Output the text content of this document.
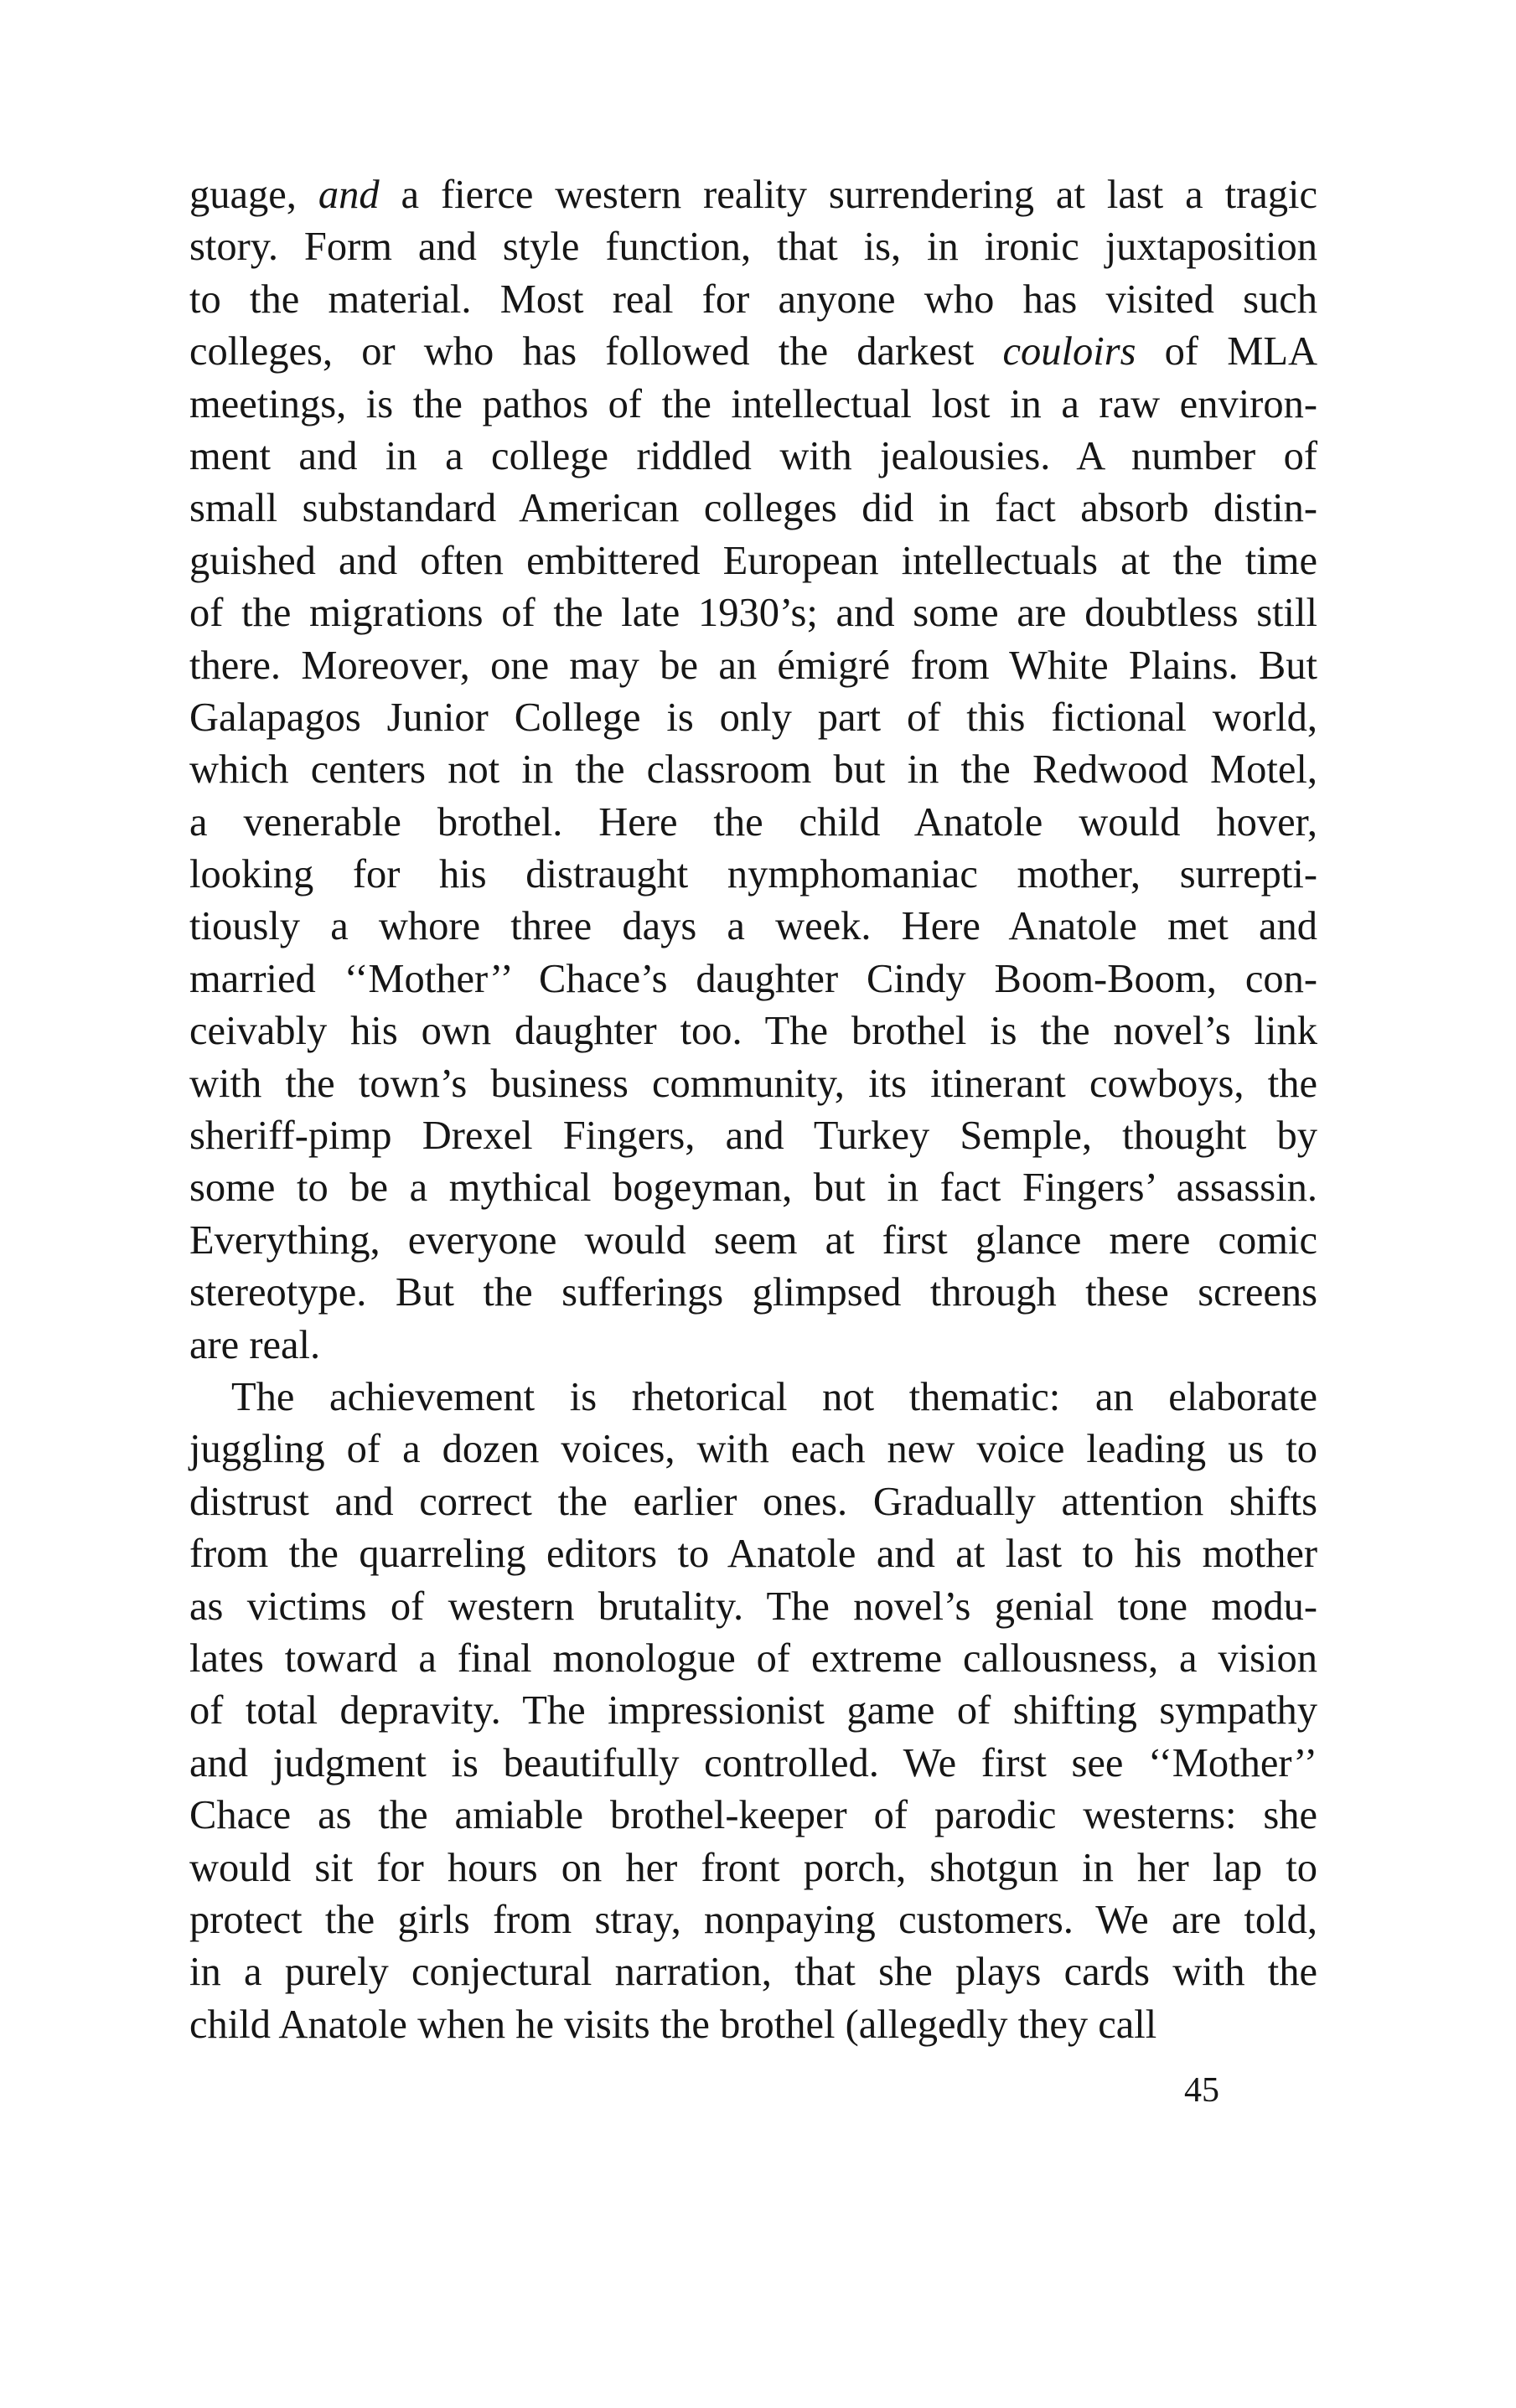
guage, and a fierce western reality surrendering at last a tragic
story. Form and style function, that is, in ironic juxtaposition
to the material. Most real for anyone who has visited such
colleges, or who has followed the darkest couloirs of MLA
meetings, is the pathos of the intellectual lost in a raw environ-
ment and in a college riddled with jealousies. A number of
small substandard American colleges did in fact absorb distin-
guished and often embittered European intellectuals at the time
of the migrations of the late 1930’s; and some are doubtless still
there. Moreover, one may be an émigré from White Plains. But
Galapagos Junior College is only part of this fictional world,
which centers not in the classroom but in the Redwood Motel,
a venerable brothel. Here the child Anatole would hover,
looking for his distraught nymphomaniac mother, surrepti-
tiously a whore three days a week. Here Anatole met and
married ‘‘Mother’’ Chace’s daughter Cindy Boom-Boom, con-
ceivably his own daughter too. The brothel is the novel’s link
with the town’s business community, its itinerant cowboys, the
sheriff-pimp Drexel Fingers, and Turkey Semple, thought by
some to be a mythical bogeyman, but in fact Fingers’ assassin.
Everything, everyone would seem at first glance mere comic
stereotype. But the sufferings glimpsed through these screens
are real.
The achievement is rhetorical not thematic: an elaborate
juggling of a dozen voices, with each new voice leading us to
distrust and correct the earlier ones. Gradually attention shifts
from the quarreling editors to Anatole and at last to his mother
as victims of western brutality. The novel’s genial tone modu-
lates toward a final monologue of extreme callousness, a vision
of total depravity. The impressionist game of shifting sympathy
and judgment is beautifully controlled. We first see ‘‘Mother’’
Chace as the amiable brothel-keeper of parodic westerns: she
would sit for hours on her front porch, shotgun in her lap to
protect the girls from stray, nonpaying customers. We are told,
in a purely conjectural narration, that she plays cards with the
child Anatole when he visits the brothel (allegedly they call
45
